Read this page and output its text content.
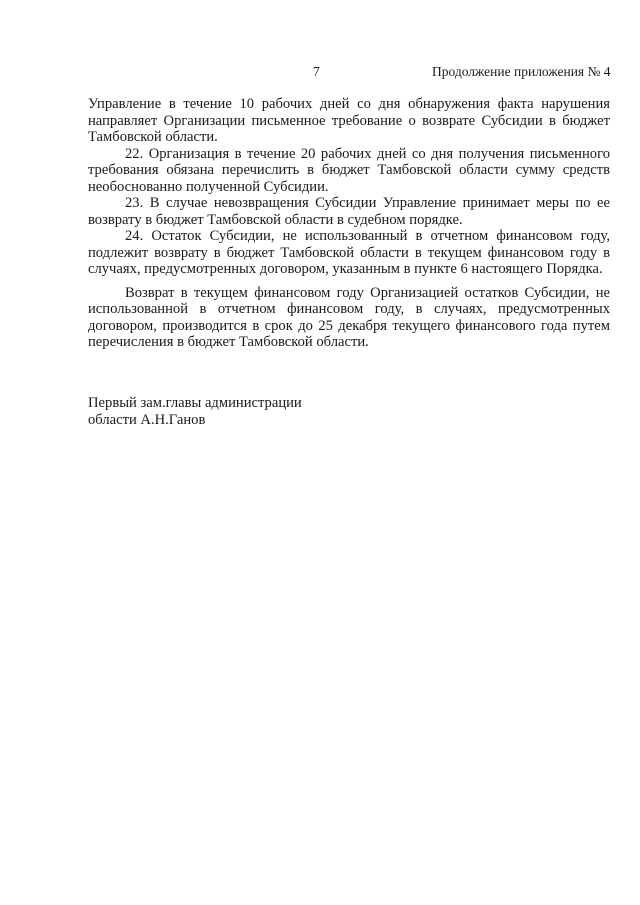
7	Продолжение приложения № 4

Управление в течение 10 рабочих дней со дня обнаружения факта нарушения направляет Организации письменное требование о возврате Субсидии в бюджет Тамбовской области.

22. Организация в течение 20 рабочих дней со дня получения письменного требования обязана перечислить в бюджет Тамбовской области сумму средств необоснованно полученной Субсидии.

23. В случае невозвращения Субсидии Управление принимает меры по ее возврату в бюджет Тамбовской области в судебном порядке.

24. Остаток Субсидии, не использованный в отчетном финансовом году, подлежит возврату в бюджет Тамбовской области в текущем финансовом году в случаях, предусмотренных договором, указанным в пункте 6 настоящего Порядка.

Возврат в текущем финансовом году Организацией остатков Субсидии, не использованной в отчетном финансовом году, в случаях, предусмотренных договором, производится в срок до 25 декабря текущего финансового года путем перечисления в бюджет Тамбовской области.

Первый зам.главы администрации
области А.Н.Ганов
